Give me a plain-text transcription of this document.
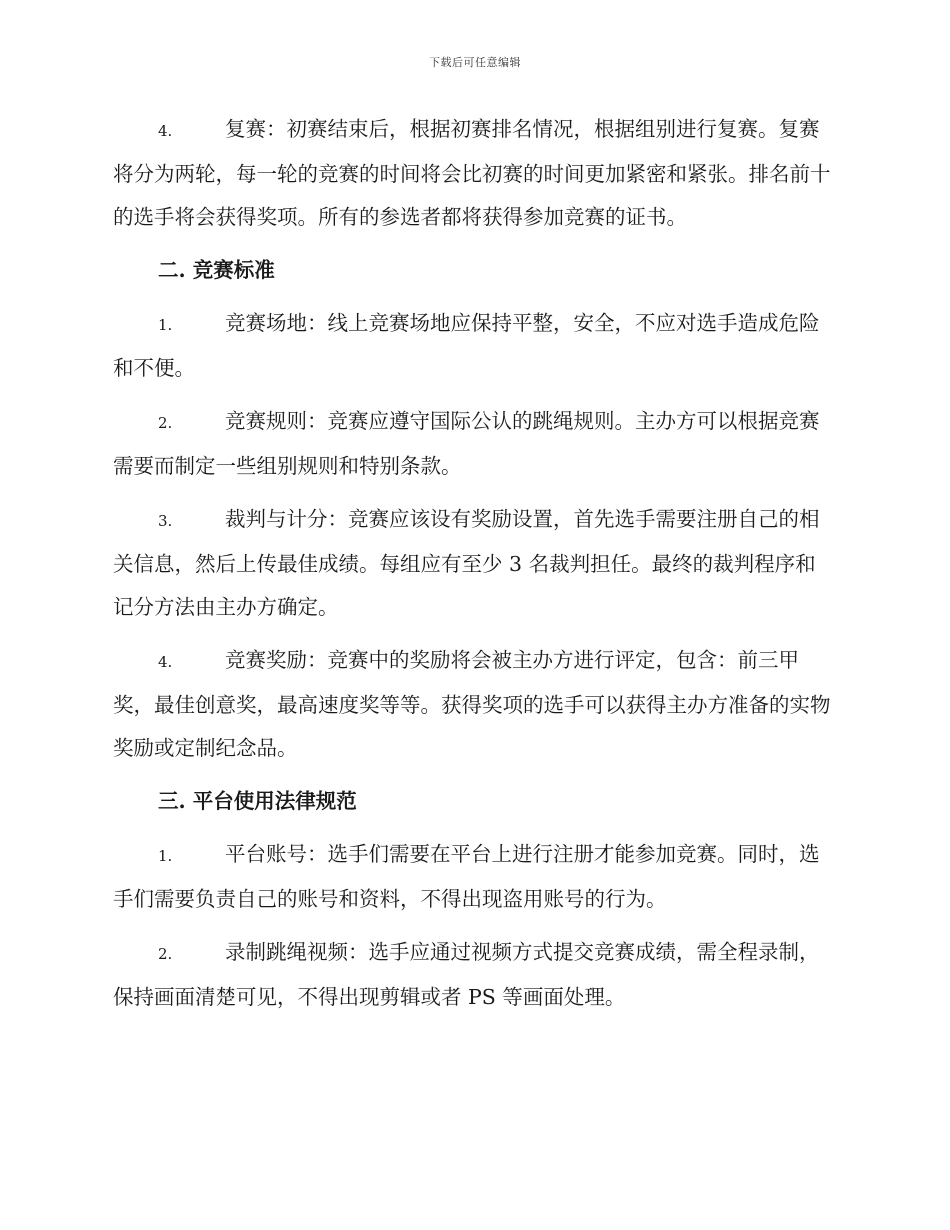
下载后可任意编辑

4.	复赛：初赛结束后，根据初赛排名情况，根据组别进行复赛。复赛将分为两轮，每一轮的竞赛的时间将会比初赛的时间更加紧密和紧张。排名前十的选手将会获得奖项。所有的参选者都将获得参加竞赛的证书。

二. 竞赛标准

1.	竞赛场地：线上竞赛场地应保持平整，安全，不应对选手造成危险和不便。

2.	竞赛规则：竞赛应遵守国际公认的跳绳规则。主办方可以根据竞赛需要而制定一些组别规则和特别条款。

3.	裁判与计分：竞赛应该设有奖励设置，首先选手需要注册自己的相关信息，然后上传最佳成绩。每组应有至少 3 名裁判担任。最终的裁判程序和记分方法由主办方确定。

4.	竞赛奖励：竞赛中的奖励将会被主办方进行评定，包含：前三甲奖，最佳创意奖，最高速度奖等等。获得奖项的选手可以获得主办方准备的实物奖励或定制纪念品。

三. 平台使用法律规范

1.	平台账号：选手们需要在平台上进行注册才能参加竞赛。同时，选手们需要负责自己的账号和资料，不得出现盗用账号的行为。

2.	录制跳绳视频：选手应通过视频方式提交竞赛成绩，需全程录制，保持画面清楚可见，不得出现剪辑或者 PS 等画面处理。
